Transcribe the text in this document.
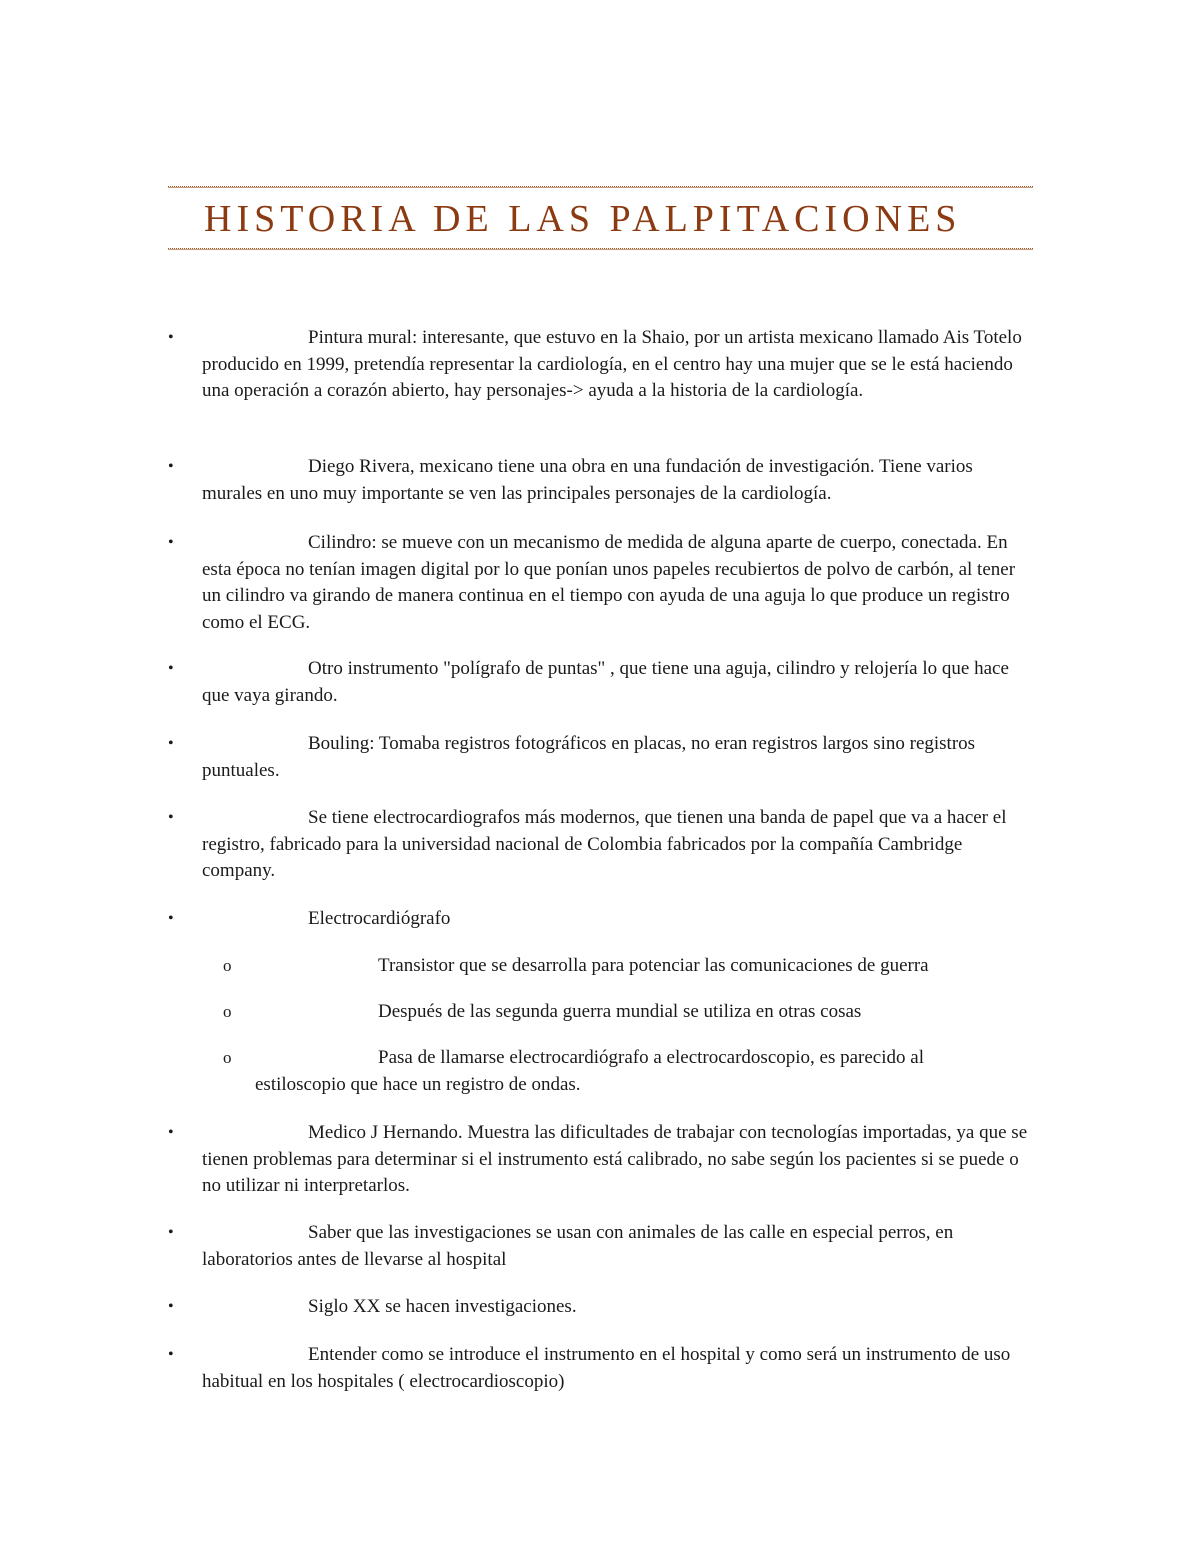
HISTORIA DE LAS PALPITACIONES
•	Pintura mural: interesante, que estuvo en la Shaio, por un artista mexicano llamado Ais Totelo producido en 1999, pretendía representar la cardiología, en el centro hay una mujer que se le está haciendo una operación a corazón abierto, hay personajes-> ayuda a la historia de la cardiología.
•	Diego Rivera, mexicano tiene una obra en una fundación de investigación. Tiene varios murales en uno muy importante se ven las principales personajes de la cardiología.
•	Cilindro: se mueve con un mecanismo de medida de alguna aparte de cuerpo, conectada. En esta época no tenían imagen digital por lo que ponían unos papeles recubiertos de polvo de carbón, al tener un cilindro va girando de manera continua en el tiempo con ayuda de una aguja lo que produce un registro como el ECG.
•	Otro instrumento "polígrafo de puntas" , que tiene una aguja, cilindro y relojería lo que hace que vaya girando.
•	Bouling: Tomaba registros fotográficos en placas, no eran registros largos sino registros puntuales.
•	Se tiene electrocardiografos más modernos, que tienen una banda de papel que va a hacer el registro, fabricado para la universidad nacional de Colombia fabricados por la compañía Cambridge company.
•	Electrocardiógrafo
o	Transistor que se desarrolla para potenciar las comunicaciones de guerra
o	Después de las segunda guerra mundial se utiliza en otras cosas
o	Pasa de llamarse electrocardiógrafo a electrocardoscopio, es parecido al estiloscopio que hace un registro de ondas.
•	Medico J Hernando. Muestra las dificultades de trabajar con tecnologías importadas, ya que se tienen problemas para determinar si el instrumento está calibrado, no sabe según los pacientes si se puede o no utilizar ni interpretarlos.
•	Saber que las investigaciones se usan con animales de las calle en especial perros, en laboratorios antes de llevarse al hospital
•	Siglo XX se hacen investigaciones.
•	Entender como se introduce el instrumento en el hospital y como será un instrumento de uso habitual en los hospitales ( electrocardioscopio)
